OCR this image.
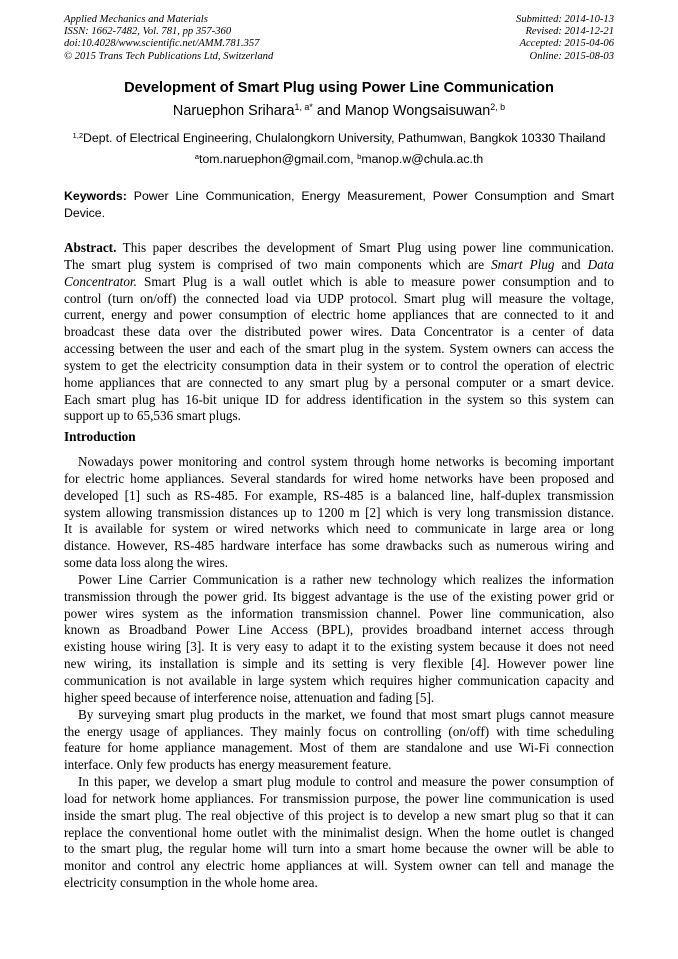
Applied Mechanics and Materials
ISSN: 1662-7482, Vol. 781, pp 357-360
doi:10.4028/www.scientific.net/AMM.781.357
© 2015 Trans Tech Publications Ltd, Switzerland
Submitted: 2014-10-13
Revised: 2014-12-21
Accepted: 2015-04-06
Online: 2015-08-03
Development of Smart Plug using Power Line Communication
Naruephon Srihara$^{1, a*}$ and Manop Wongsaisuwan$^{2, b}$
$^{1,2}$Dept. of Electrical Engineering, Chulalongkorn University, Pathumwan, Bangkok 10330 Thailand
$^a$tom.naruephon@gmail.com, $^b$manop.w@chula.ac.th
Keywords: Power Line Communication, Energy Measurement, Power Consumption and Smart
Device.
Abstract. This paper describes the development of Smart Plug using power line communication.
The smart plug system is comprised of two main components which are Smart Plug and Data
Concentrator. Smart Plug is a wall outlet which is able to measure power consumption and to
control (turn on/off) the connected load via UDP protocol. Smart plug will measure the voltage,
current, energy and power consumption of electric home appliances that are connected to it and
broadcast these data over the distributed power wires. Data Concentrator is a center of data
accessing between the user and each of the smart plug in the system. System owners can access the
system to get the electricity consumption data in their system or to control the operation of electric
home appliances that are connected to any smart plug by a personal computer or a smart device.
Each smart plug has 16-bit unique ID for address identification in the system so this system can
support up to 65,536 smart plugs.
Introduction
Nowadays power monitoring and control system through home networks is becoming important
for electric home appliances. Several standards for wired home networks have been proposed and
developed [1] such as RS-485. For example, RS-485 is a balanced line, half-duplex transmission
system allowing transmission distances up to 1200 m [2] which is very long transmission distance.
It is available for system or wired networks which need to communicate in large area or long
distance. However, RS-485 hardware interface has some drawbacks such as numerous wiring and
some data loss along the wires.
Power Line Carrier Communication is a rather new technology which realizes the information
transmission through the power grid. Its biggest advantage is the use of the existing power grid or
power wires system as the information transmission channel. Power line communication, also
known as Broadband Power Line Access (BPL), provides broadband internet access through
existing house wiring [3]. It is very easy to adapt it to the existing system because it does not need
new wiring, its installation is simple and its setting is very flexible [4]. However power line
communication is not available in large system which requires higher communication capacity and
higher speed because of interference noise, attenuation and fading [5].
By surveying smart plug products in the market, we found that most smart plugs cannot measure
the energy usage of appliances. They mainly focus on controlling (on/off) with time scheduling
feature for home appliance management. Most of them are standalone and use Wi-Fi connection
interface. Only few products has energy measurement feature.
In this paper, we develop a smart plug module to control and measure the power consumption of
load for network home appliances. For transmission purpose, the power line communication is used
inside the smart plug. The real objective of this project is to develop a new smart plug so that it can
replace the conventional home outlet with the minimalist design. When the home outlet is changed
to the smart plug, the regular home will turn into a smart home because the owner will be able to
monitor and control any electric home appliances at will. System owner can tell and manage the
electricity consumption in the whole home area.
